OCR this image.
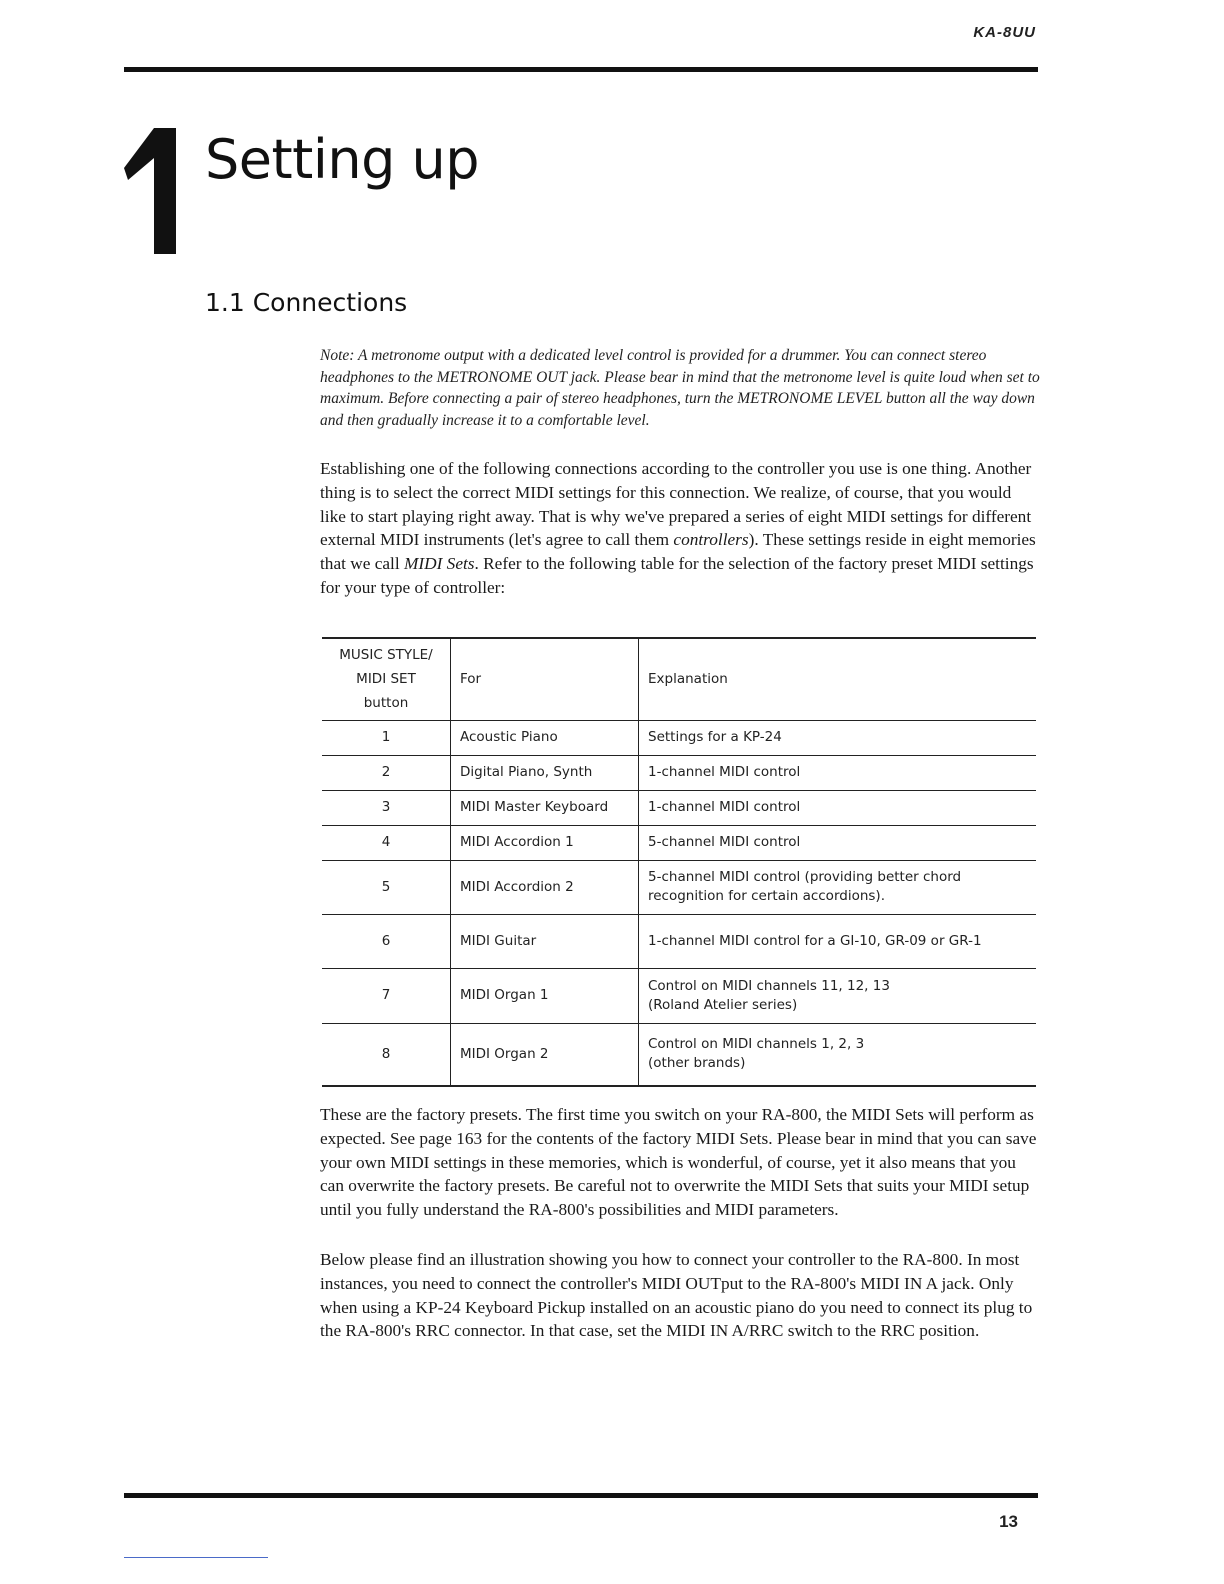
KA-8UU
Setting up
1.1 Connections

Note: A metronome output with a dedicated level control is provided for a drummer. You can connect stereo headphones to the METRONOME OUT jack. Please bear in mind that the metronome level is quite loud when set to maximum. Before connecting a pair of stereo headphones, turn the METRONOME LEVEL button all the way down and then gradually increase it to a comfortable level.

Establishing one of the following connections according to the controller you use is one thing. Another thing is to select the correct MIDI settings for this connection. We realize, of course, that you would like to start playing right away. That is why we've prepared a series of eight MIDI settings for different external MIDI instruments (let's agree to call them controllers). These settings reside in eight memories that we call MIDI Sets. Refer to the following table for the selection of the factory preset MIDI settings for your type of controller:

MUSIC STYLE/
MIDI SET
button	For	Explanation
1	Acoustic Piano	Settings for a KP-24
2	Digital Piano, Synth	1-channel MIDI control
3	MIDI Master Keyboard	1-channel MIDI control
4	MIDI Accordion 1	5-channel MIDI control
5	MIDI Accordion 2	5-channel MIDI control (providing better chord recognition for certain accordions).
6	MIDI Guitar	1-channel MIDI control for a GI-10, GR-09 or GR-1
7	MIDI Organ 1	Control on MIDI channels 11, 12, 13
(Roland Atelier series)
8	MIDI Organ 2	Control on MIDI channels 1, 2, 3
(other brands)

These are the factory presets. The first time you switch on your RA-800, the MIDI Sets will perform as expected. See page 163 for the contents of the factory MIDI Sets. Please bear in mind that you can save your own MIDI settings in these memories, which is wonderful, of course, yet it also means that you can overwrite the factory presets. Be careful not to overwrite the MIDI Sets that suits your MIDI setup until you fully understand the RA-800's possibilities and MIDI parameters.

Below please find an illustration showing you how to connect your controller to the RA-800. In most instances, you need to connect the controller's MIDI OUTput to the RA-800's MIDI IN A jack. Only when using a KP-24 Keyboard Pickup installed on an acoustic piano do you need to connect its plug to the RA-800's RRC connector. In that case, set the MIDI IN A/RRC switch to the RRC position.

13
